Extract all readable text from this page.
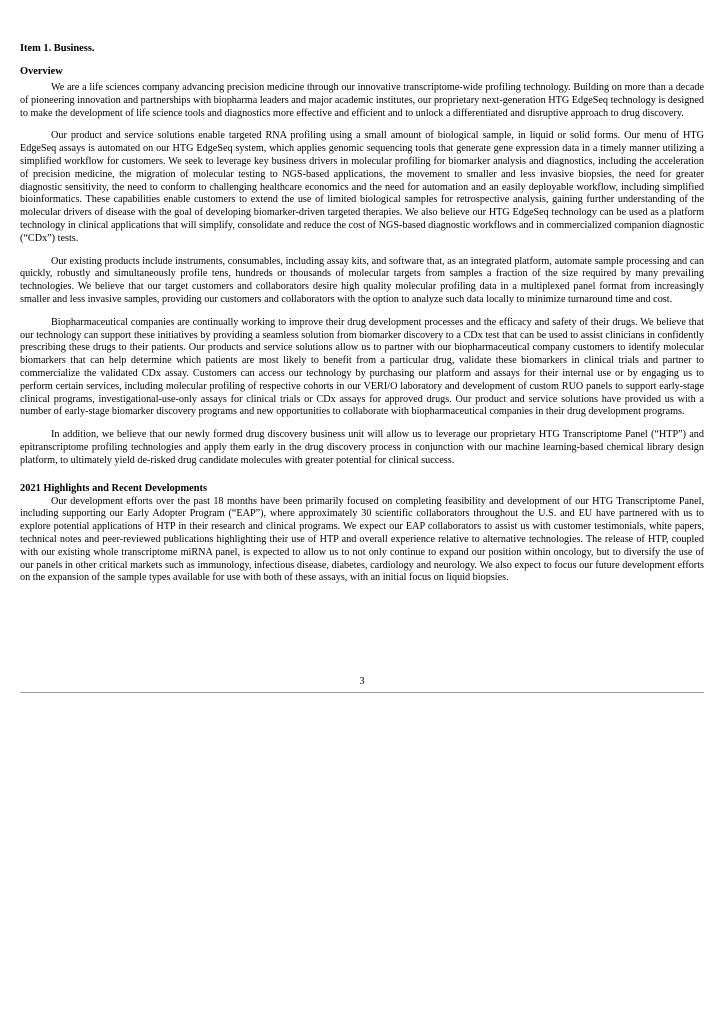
Item 1. Business.
Overview

We are a life sciences company advancing precision medicine through our innovative transcriptome-wide profiling technology. Building on more than a decade of pioneering innovation and partnerships with biopharma leaders and major academic institutes, our proprietary next-generation HTG EdgeSeq technology is designed to make the development of life science tools and diagnostics more effective and efficient and to unlock a differentiated and disruptive approach to drug discovery.

Our product and service solutions enable targeted RNA profiling using a small amount of biological sample, in liquid or solid forms. Our menu of HTG EdgeSeq assays is automated on our HTG EdgeSeq system, which applies genomic sequencing tools that generate gene expression data in a timely manner utilizing a simplified workflow for customers. We seek to leverage key business drivers in molecular profiling for biomarker analysis and diagnostics, including the acceleration of precision medicine, the migration of molecular testing to NGS-based applications, the movement to smaller and less invasive biopsies, the need for greater diagnostic sensitivity, the need to conform to challenging healthcare economics and the need for automation and an easily deployable workflow, including simplified bioinformatics. These capabilities enable customers to extend the use of limited biological samples for retrospective analysis, gaining further understanding of the molecular drivers of disease with the goal of developing biomarker-driven targeted therapies. We also believe our HTG EdgeSeq technology can be used as a platform technology in clinical applications that will simplify, consolidate and reduce the cost of NGS-based diagnostic workflows and in commercialized companion diagnostic (“CDx”) tests.

Our existing products include instruments, consumables, including assay kits, and software that, as an integrated platform, automate sample processing and can quickly, robustly and simultaneously profile tens, hundreds or thousands of molecular targets from samples a fraction of the size required by many prevailing technologies. We believe that our target customers and collaborators desire high quality molecular profiling data in a multiplexed panel format from increasingly smaller and less invasive samples, providing our customers and collaborators with the option to analyze such data locally to minimize turnaround time and cost.

Biopharmaceutical companies are continually working to improve their drug development processes and the efficacy and safety of their drugs. We believe that our technology can support these initiatives by providing a seamless solution from biomarker discovery to a CDx test that can be used to assist clinicians in confidently prescribing these drugs to their patients. Our products and service solutions allow us to partner with our biopharmaceutical company customers to identify molecular biomarkers that can help determine which patients are most likely to benefit from a particular drug, validate these biomarkers in clinical trials and partner to commercialize the validated CDx assay. Customers can access our technology by purchasing our platform and assays for their internal use or by engaging us to perform certain services, including molecular profiling of respective cohorts in our VERI/O laboratory and development of custom RUO panels to support early-stage clinical programs, investigational-use-only assays for clinical trials or CDx assays for approved drugs. Our product and service solutions have provided us with a number of early-stage biomarker discovery programs and new opportunities to collaborate with biopharmaceutical companies in their drug development programs.

In addition, we believe that our newly formed drug discovery business unit will allow us to leverage our proprietary HTG Transcriptome Panel (“HTP”) and epitranscriptome profiling technologies and apply them early in the drug discovery process in conjunction with our machine learning-based chemical library design platform, to ultimately yield de-risked drug candidate molecules with greater potential for clinical success.

2021 Highlights and Recent Developments

Our development efforts over the past 18 months have been primarily focused on completing feasibility and development of our HTG Transcriptome Panel, including supporting our Early Adopter Program (“EAP”), where approximately 30 scientific collaborators throughout the U.S. and EU have partnered with us to explore potential applications of HTP in their research and clinical programs. We expect our EAP collaborators to assist us with customer testimonials, white papers, technical notes and peer-reviewed publications highlighting their use of HTP and overall experience relative to alternative technologies. The release of HTP, coupled with our existing whole transcriptome miRNA panel, is expected to allow us to not only continue to expand our position within oncology, but to diversify the use of our panels in other critical markets such as immunology, infectious disease, diabetes, cardiology and neurology. We also expect to focus our future development efforts on the expansion of the sample types available for use with both of these assays, with an initial focus on liquid biopsies.

3
